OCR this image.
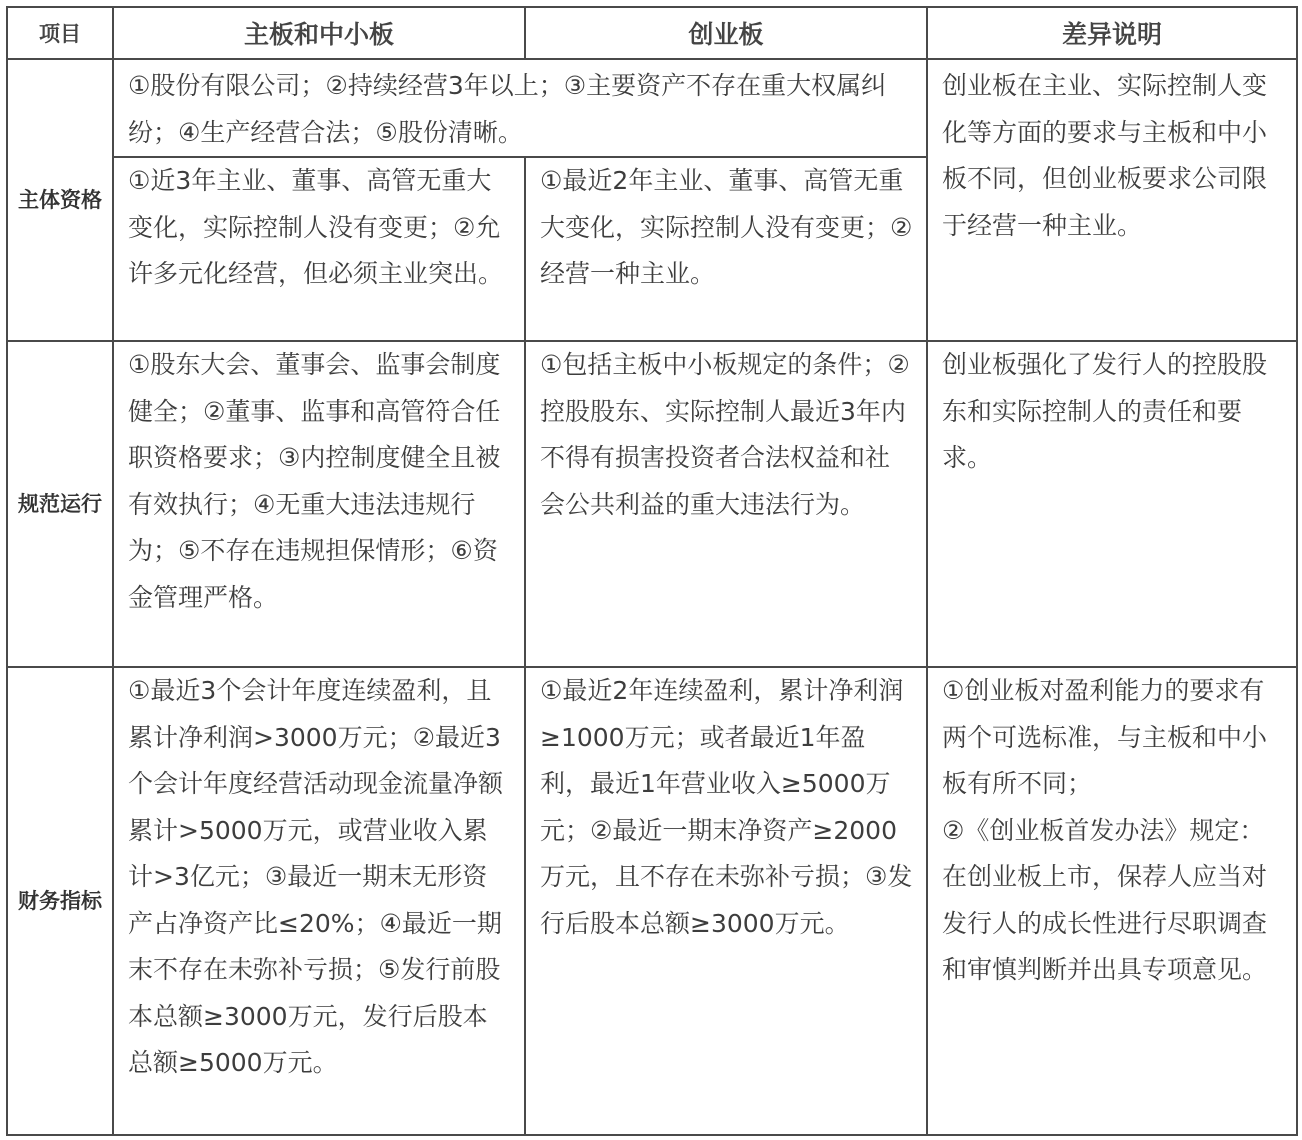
项目	主板和中小板	创业板	差异说明
主体资格	①股份有限公司；②持续经营3年以上；③主要资产不存在重大权属纠纷；④生产经营合法；⑤股份清晰。		创业板在主业、实际控制人变化等方面的要求与主板和中小板不同，但创业板要求公司限于经营一种主业。
	①近3年主业、董事、高管无重大变化，实际控制人没有变更；②允许多元化经营，但必须主业突出。	①最近2年主业、董事、高管无重大变化，实际控制人没有变更；②经营一种主业。	
规范运行	①股东大会、董事会、监事会制度健全；②董事、监事和高管符合任职资格要求；③内控制度健全且被有效执行；④无重大违法违规行为；⑤不存在违规担保情形；⑥资金管理严格。	①包括主板中小板规定的条件；②控股股东、实际控制人最近3年内不得有损害投资者合法权益和社会公共利益的重大违法行为。	创业板强化了发行人的控股股东和实际控制人的责任和要求。
财务指标	①最近3个会计年度连续盈利，且累计净利润>3000万元；②最近3个会计年度经营活动现金流量净额累计>5000万元，或营业收入累计>3亿元；③最近一期末无形资产占净资产比≤20%；④最近一期末不存在未弥补亏损；⑤发行前股本总额≥3000万元，发行后股本总额≥5000万元。	①最近2年连续盈利，累计净利润≥1000万元；或者最近1年盈利，最近1年营业收入≥5000万元；②最近一期末净资产≥2000万元，且不存在未弥补亏损；③发行后股本总额≥3000万元。	①创业板对盈利能力的要求有两个可选标准，与主板和中小板有所不同；
②《创业板首发办法》规定：在创业板上市，保荐人应当对发行人的成长性进行尽职调查和审慎判断并出具专项意见。
